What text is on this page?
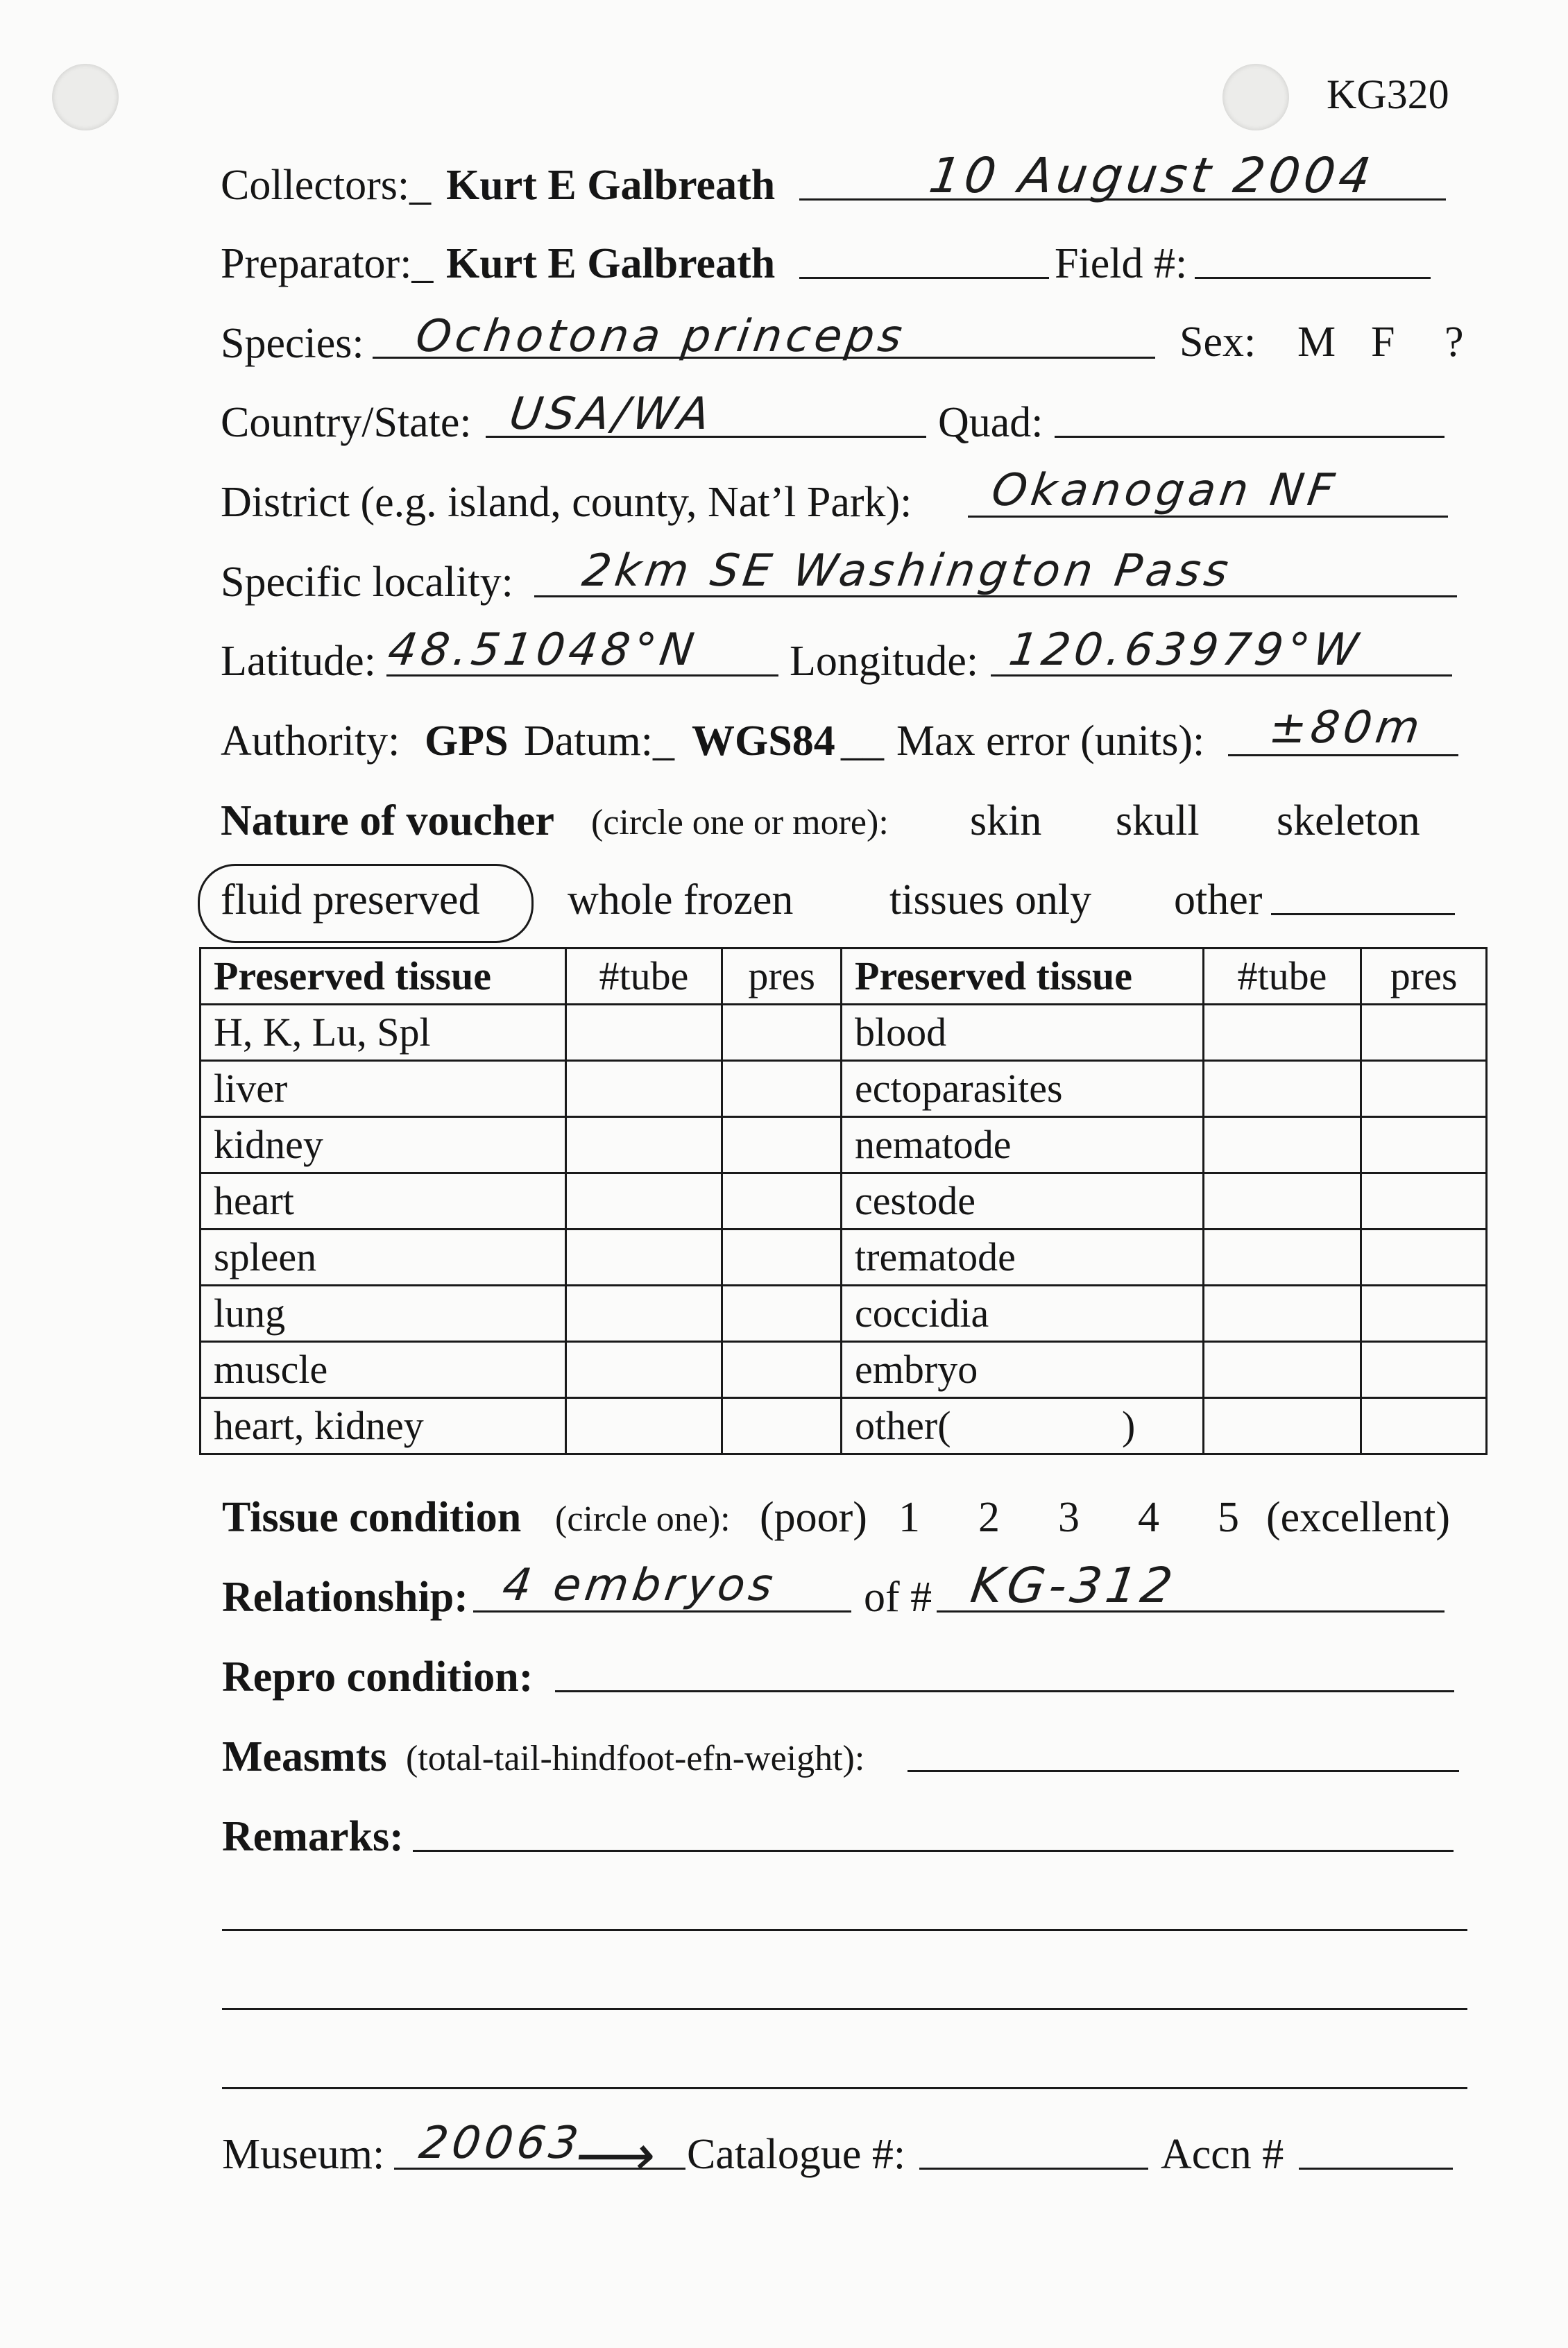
KG320
Collectors:_ Kurt E Galbreath	10 August 2004
Preparator:_ Kurt E Galbreath	Field #:
Species: Ochotona princeps	Sex: M F ?
Country/State: USA/WA	Quad:
District (e.g. island, county, Nat’l Park): Okanogan NF
Specific locality: 2km SE Washington Pass
Latitude: 48.51048°N Longitude: 120.63979°W
Authority: GPS Datum:_ WGS84 __ Max error (units): ±80m
Nature of voucher (circle one or more): skin skull skeleton
fluid preserved whole frozen tissues only other
Preserved tissue	#tube	pres	Preserved tissue	#tube	pres
H, K, Lu, Spl			blood		
liver			ectoparasites		
kidney			nematode		
heart			cestode		
spleen			trematode		
lung			coccidia		
muscle			embryo		
heart, kidney			other(                 )		
Tissue condition (circle one): (poor) 1 2 3 4 5 (excellent)
Relationship: 4 embryos of # KG-312
Repro condition:
Measmts (total-tail-hindfoot-efn-weight):
Remarks:
Museum: 20063
⟶ Catalogue #:	Accn #
